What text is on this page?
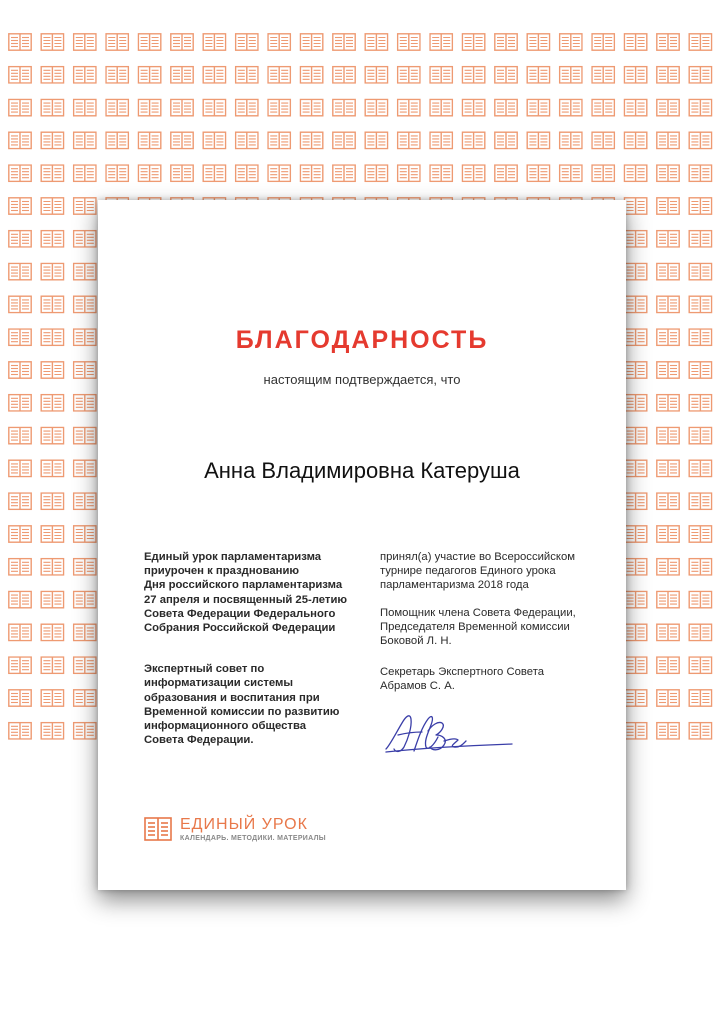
БЛАГОДАРНОСТЬ
настоящим подтверждается, что
Анна Владимировна Катеруша

Единый урок парламентаризма
приурочен к празднованию
Дня российского парламентаризма
27 апреля и посвященный 25-летию
Совета Федерации Федерального
Собрания Российской Федерации

Экспертный совет по
информатизации системы
образования и воспитания при
Временной комиссии по развитию
информационного общества
Совета Федерации.

принял(а) участие во Всероссийском
турнире педагогов Единого урока
парламентаризма 2018 года

Помощник члена Совета Федерации,
Председателя Временной комиссии
Боковой Л. Н.

Секретарь Экспертного Совета
Абрамов С. А.

ЕДИНЫЙ УРОК
КАЛЕНДАРЬ. МЕТОДИКИ. МАТЕРИАЛЫ
